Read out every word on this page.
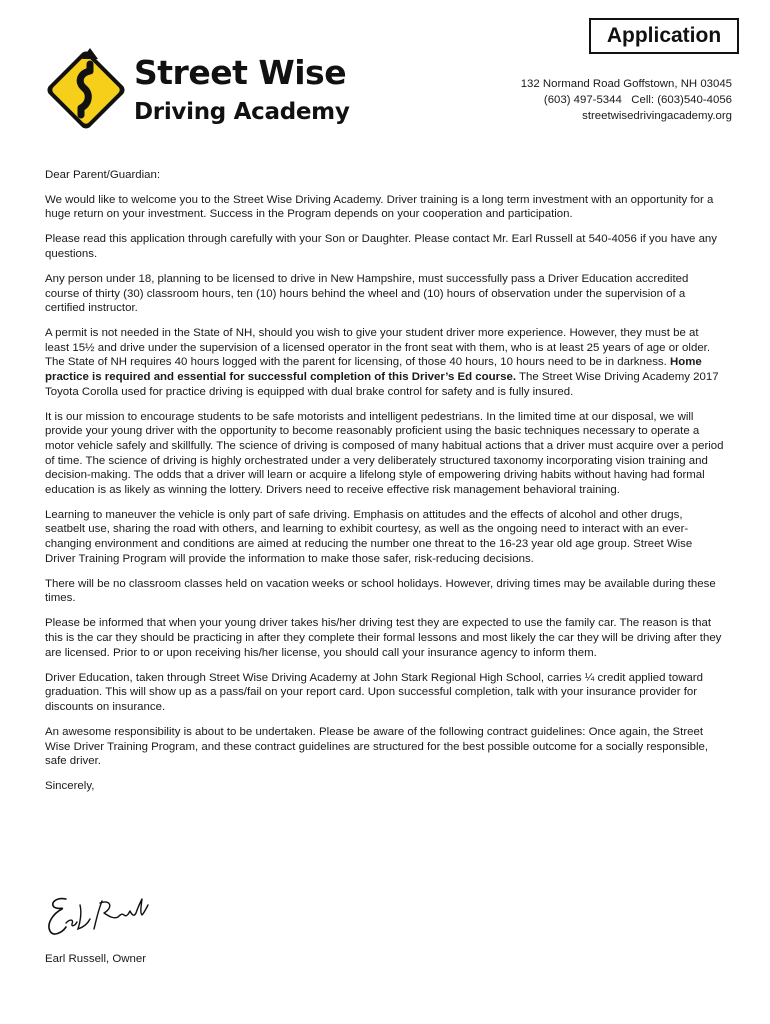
Application
Street Wise
Driving Academy
132 Normand Road Goffstown, NH 03045
(603) 497-5344   Cell: (603)540-4056
streetwisedrivingacademy.org

Dear Parent/Guardian:

We would like to welcome you to the Street Wise Driving Academy. Driver training is a long term investment with an opportunity for a huge return on your investment. Success in the Program depends on your cooperation and participation.

Please read this application through carefully with your Son or Daughter. Please contact Mr. Earl Russell at 540-4056 if you have any questions.

Any person under 18, planning to be licensed to drive in New Hampshire, must successfully pass a Driver Education accredited course of thirty (30) classroom hours, ten (10) hours behind the wheel and (10) hours of observation under the supervision of a certified instructor.

A permit is not needed in the State of NH, should you wish to give your student driver more experience. However, they must be at least 15½ and drive under the supervision of a licensed operator in the front seat with them, who is at least 25 years of age or older. The State of NH requires 40 hours logged with the parent for licensing, of those 40 hours, 10 hours need to be in darkness. Home practice is required and essential for successful completion of this Driver’s Ed course. The Street Wise Driving Academy 2017 Toyota Corolla used for practice driving is equipped with dual brake control for safety and is fully insured.

It is our mission to encourage students to be safe motorists and intelligent pedestrians. In the limited time at our disposal, we will provide your young driver with the opportunity to become reasonably proficient using the basic techniques necessary to operate a motor vehicle safely and skillfully. The science of driving is composed of many habitual actions that a driver must acquire over a period of time. The science of driving is highly orchestrated under a very deliberately structured taxonomy incorporating vision training and decision-making. The odds that a driver will learn or acquire a lifelong style of empowering driving habits without having had formal education is as likely as winning the lottery. Drivers need to receive effective risk management behavioral training.

Learning to maneuver the vehicle is only part of safe driving. Emphasis on attitudes and the effects of alcohol and other drugs, seatbelt use, sharing the road with others, and learning to exhibit courtesy, as well as the ongoing need to interact with an ever-changing environment and conditions are aimed at reducing the number one threat to the 16-23 year old age group. Street Wise Driver Training Program will provide the information to make those safer, risk-reducing decisions.

There will be no classroom classes held on vacation weeks or school holidays. However, driving times may be available during these times.

Please be informed that when your young driver takes his/her driving test they are expected to use the family car. The reason is that this is the car they should be practicing in after they complete their formal lessons and most likely the car they will be driving after they are licensed. Prior to or upon receiving his/her license, you should call your insurance agency to inform them.

Driver Education, taken through Street Wise Driving Academy at John Stark Regional High School, carries ¼ credit applied toward graduation. This will show up as a pass/fail on your report card. Upon successful completion, talk with your insurance provider for discounts on insurance.

An awesome responsibility is about to be undertaken. Please be aware of the following contract guidelines: Once again, the Street Wise Driver Training Program, and these contract guidelines are structured for the best possible outcome for a socially responsible, safe driver.

Sincerely,

Earl Russell, Owner
